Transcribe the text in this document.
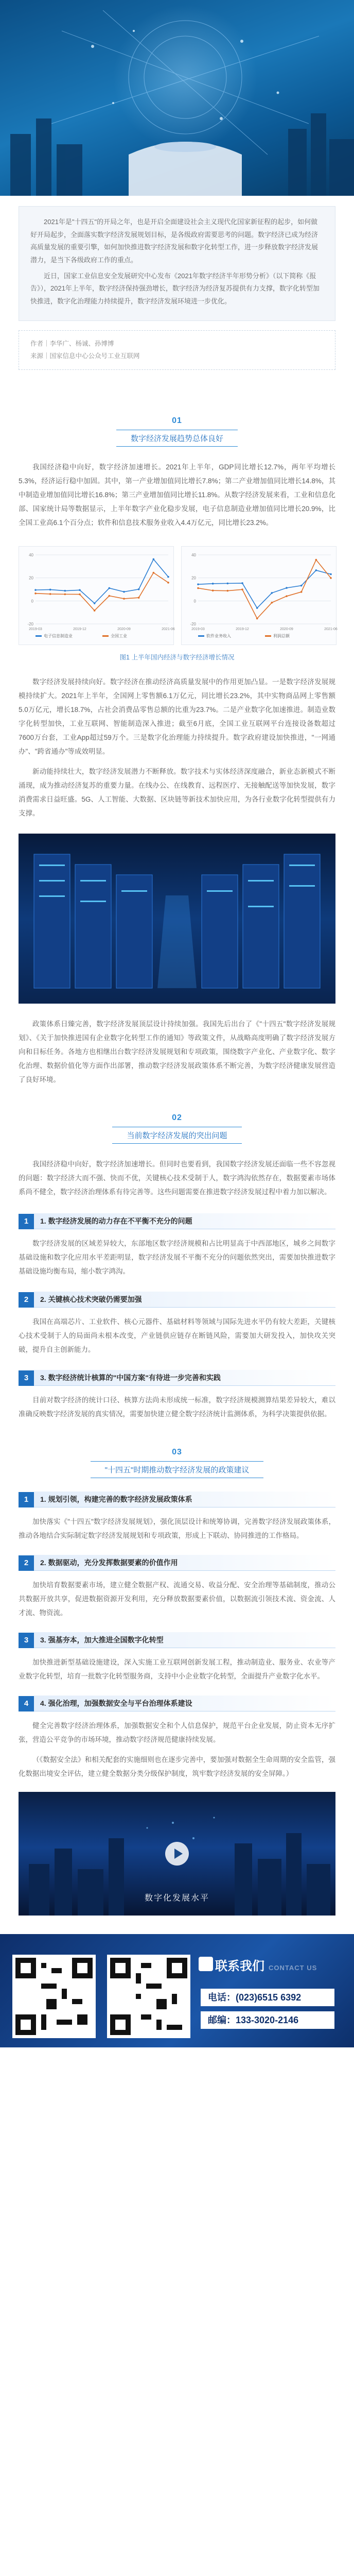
2021年是"十四五"的开局之年，也是开启全面建设社会主义现代化国家新征程的起步，如何做好开局起步，全面落实数字经济发展规划目标，是各级政府需要思考的问题。数字经济已成为经济高质量发展的重要引擎，如何加快推进数字经济发展和数字化转型工作，进一步释放数字经济发展潜力，是当下各级政府工作的重点。

近日，国家工业信息安全发展研究中心发布《2021年数字经济半年形势分析》（以下简称《报告》），2021年上半年，数字经济保持强劲增长，数字经济为经济复苏提供有力支撑，数字化转型加快推进，数字化治理能力持续提升，数字经济发展环境进一步优化。

作者｜李华广、杨诚、孙博博
来源｜国家信息中心公众号工业互联网
01
数字经济发展趋势总体良好

我国经济稳中向好，数字经济加速增长。2021年上半年，GDP同比增长12.7%，两年平均增长5.3%，经济运行稳中加固。其中，第一产业增加值同比增长7.8%；第二产业增加值同比增长14.8%，其中制造业增加值同比增长16.8%；第三产业增加值同比增长11.8%。从数字经济发展来看，工业和信息化部、国家统计局等数据显示，上半年数字产业化稳步发展，电子信息制造业增加值同比增长20.9%，比全国工业高6.1个百分点；软件和信息技术服务业收入4.4万亿元，同比增长23.2%。

-20
0
20
40
2019-03	2019-12	2020-09	2021-06
电子信息制造业	全国工业
-20
0
20
40
2019-03	2019-12	2020-09	2021-06
软件业务收入	利润总额
图1 上半年国内经济与数字经济增长情况

数字经济发展持续向好。数字经济在推动经济高质量发展中的作用更加凸显。一是数字经济发展规模持续扩大。2021年上半年，全国网上零售额6.1万亿元，同比增长23.2%，其中实物商品网上零售额5.0万亿元，增长18.7%，占社会消费品零售总额的比重为23.7%。二是产业数字化加速推进。制造业数字化转型加快，工业互联网、智能制造深入推进；截至6月底，全国工业互联网平台连接设备数超过7600万台套，工业App超过59万个。三是数字化治理能力持续提升。数字政府建设加快推进，"一网通办"、"跨省通办"等成效明显。

新动能持续壮大，数字经济发展潜力不断释放。数字技术与实体经济深度融合，新业态新模式不断涌现，成为推动经济复苏的重要力量。在线办公、在线教育、远程医疗、无接触配送等加快发展，数字消费需求日益旺盛。5G、人工智能、大数据、区块链等新技术加快应用，为各行业数字化转型提供有力支撑。

政策体系日臻完善，数字经济发展顶层设计持续加强。我国先后出台了《"十四五"数字经济发展规划》、《关于加快推进国有企业数字化转型工作的通知》等政策文件，从战略高度明确了数字经济发展方向和目标任务。各地方也相继出台数字经济发展规划和专项政策，围绕数字产业化、产业数字化、数字化治理、数据价值化等方面作出部署，推动数字经济发展政策体系不断完善，为数字经济健康发展营造了良好环境。

02
当前数字经济发展的突出问题

我国经济稳中向好，数字经济加速增长。但同时也要看到，我国数字经济发展还面临一些不容忽视的问题：数字经济大而不强、快而不优，关键核心技术受制于人，数字鸿沟依然存在，数据要素市场体系尚不健全，数字经济治理体系有待完善等。这些问题需要在推进数字经济发展过程中着力加以解决。

1	1. 数字经济发展的动力存在不平衡不充分的问题

数字经济发展的区域差异较大，东部地区数字经济规模和占比明显高于中西部地区，城乡之间数字基础设施和数字化应用水平差距明显，数字经济发展不平衡不充分的问题依然突出，需要加快推进数字基础设施均衡布局，缩小数字鸿沟。

2	2. 关键核心技术突破仍需要加强

我国在高端芯片、工业软件、核心元器件、基础材料等领域与国际先进水平仍有较大差距，关键核心技术受制于人的局面尚未根本改变，产业链供应链存在断链风险，需要加大研发投入，加快攻关突破，提升自主创新能力。

3	3. 数字经济统计核算的"中国方案"有待进一步完善和实践

目前对数字经济的统计口径、核算方法尚未形成统一标准，数字经济规模测算结果差异较大，难以准确反映数字经济发展的真实情况，需要加快建立健全数字经济统计监测体系，为科学决策提供依据。

03
"十四五"时期推动数字经济发展的政策建议
1	1. 规划引领，构建完善的数字经济发展政策体系

加快落实《"十四五"数字经济发展规划》，强化顶层设计和统筹协调，完善数字经济发展政策体系，推动各地结合实际制定数字经济发展规划和专项政策，形成上下联动、协同推进的工作格局。

2	2. 数据驱动，充分发挥数据要素的价值作用

加快培育数据要素市场，建立健全数据产权、流通交易、收益分配、安全治理等基础制度，推动公共数据开放共享，促进数据资源开发利用，充分释放数据要素价值，以数据流引领技术流、资金流、人才流、物资流。

3	3. 强基夯本，加大推进全国数字化转型

加快推进新型基础设施建设，深入实施工业互联网创新发展工程，推动制造业、服务业、农业等产业数字化转型，培育一批数字化转型服务商，支持中小企业数字化转型，全面提升产业数字化水平。

4	4. 强化治理，加强数据安全与平台治理体系建设

健全完善数字经济治理体系，加强数据安全和个人信息保护，规范平台企业发展，防止资本无序扩张，营造公平竞争的市场环境，推动数字经济规范健康持续发展。

（《数据安全法》和相关配套的实施细则也在逐步完善中，要加强对数据全生命周期的安全监管，强化数据出境安全评估，建立健全数据分类分级保护制度，筑牢数字经济发展的安全屏障。）

数字化发展水平
联系我们 CONTACT US
电话：(023)6515 6392
邮编：133-3020-2146
